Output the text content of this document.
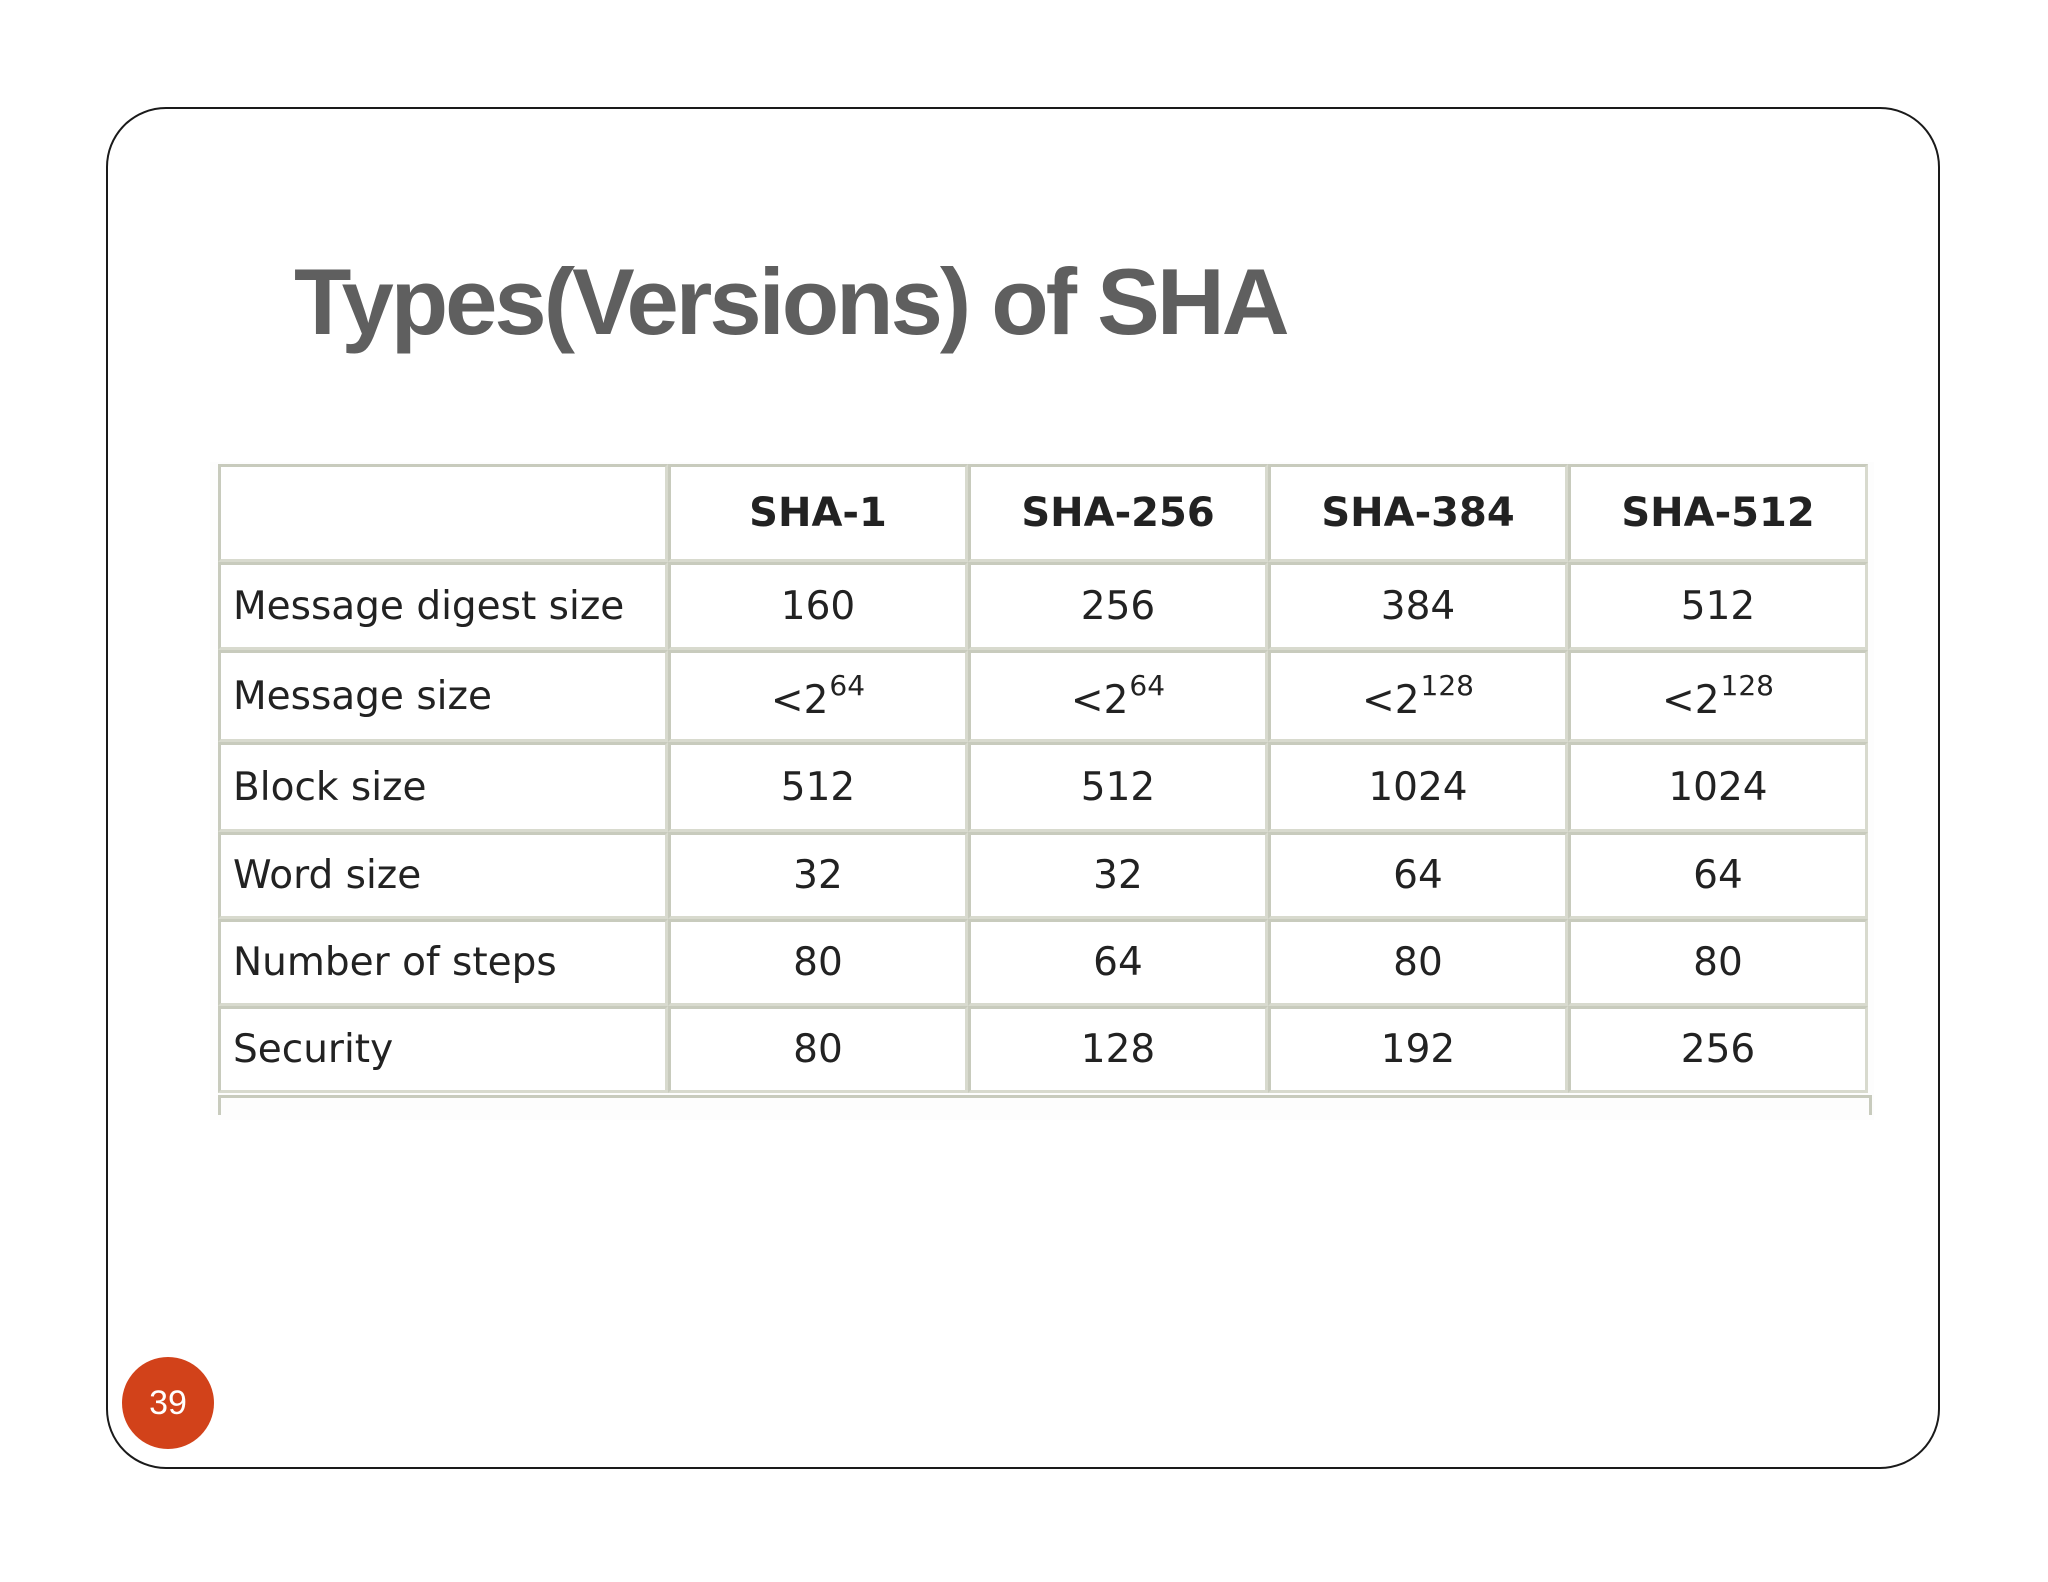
Types(Versions) of SHA
	SHA-1	SHA-256	SHA-384	SHA-512
Message digest size	160	256	384	512
Message size	$<2^{64}$	$<2^{64}$	$<2^{128}$	$<2^{128}$
Block size	512	512	1024	1024
Word size	32	32	64	64
Number of steps	80	64	80	80
Security	80	128	192	256
39
